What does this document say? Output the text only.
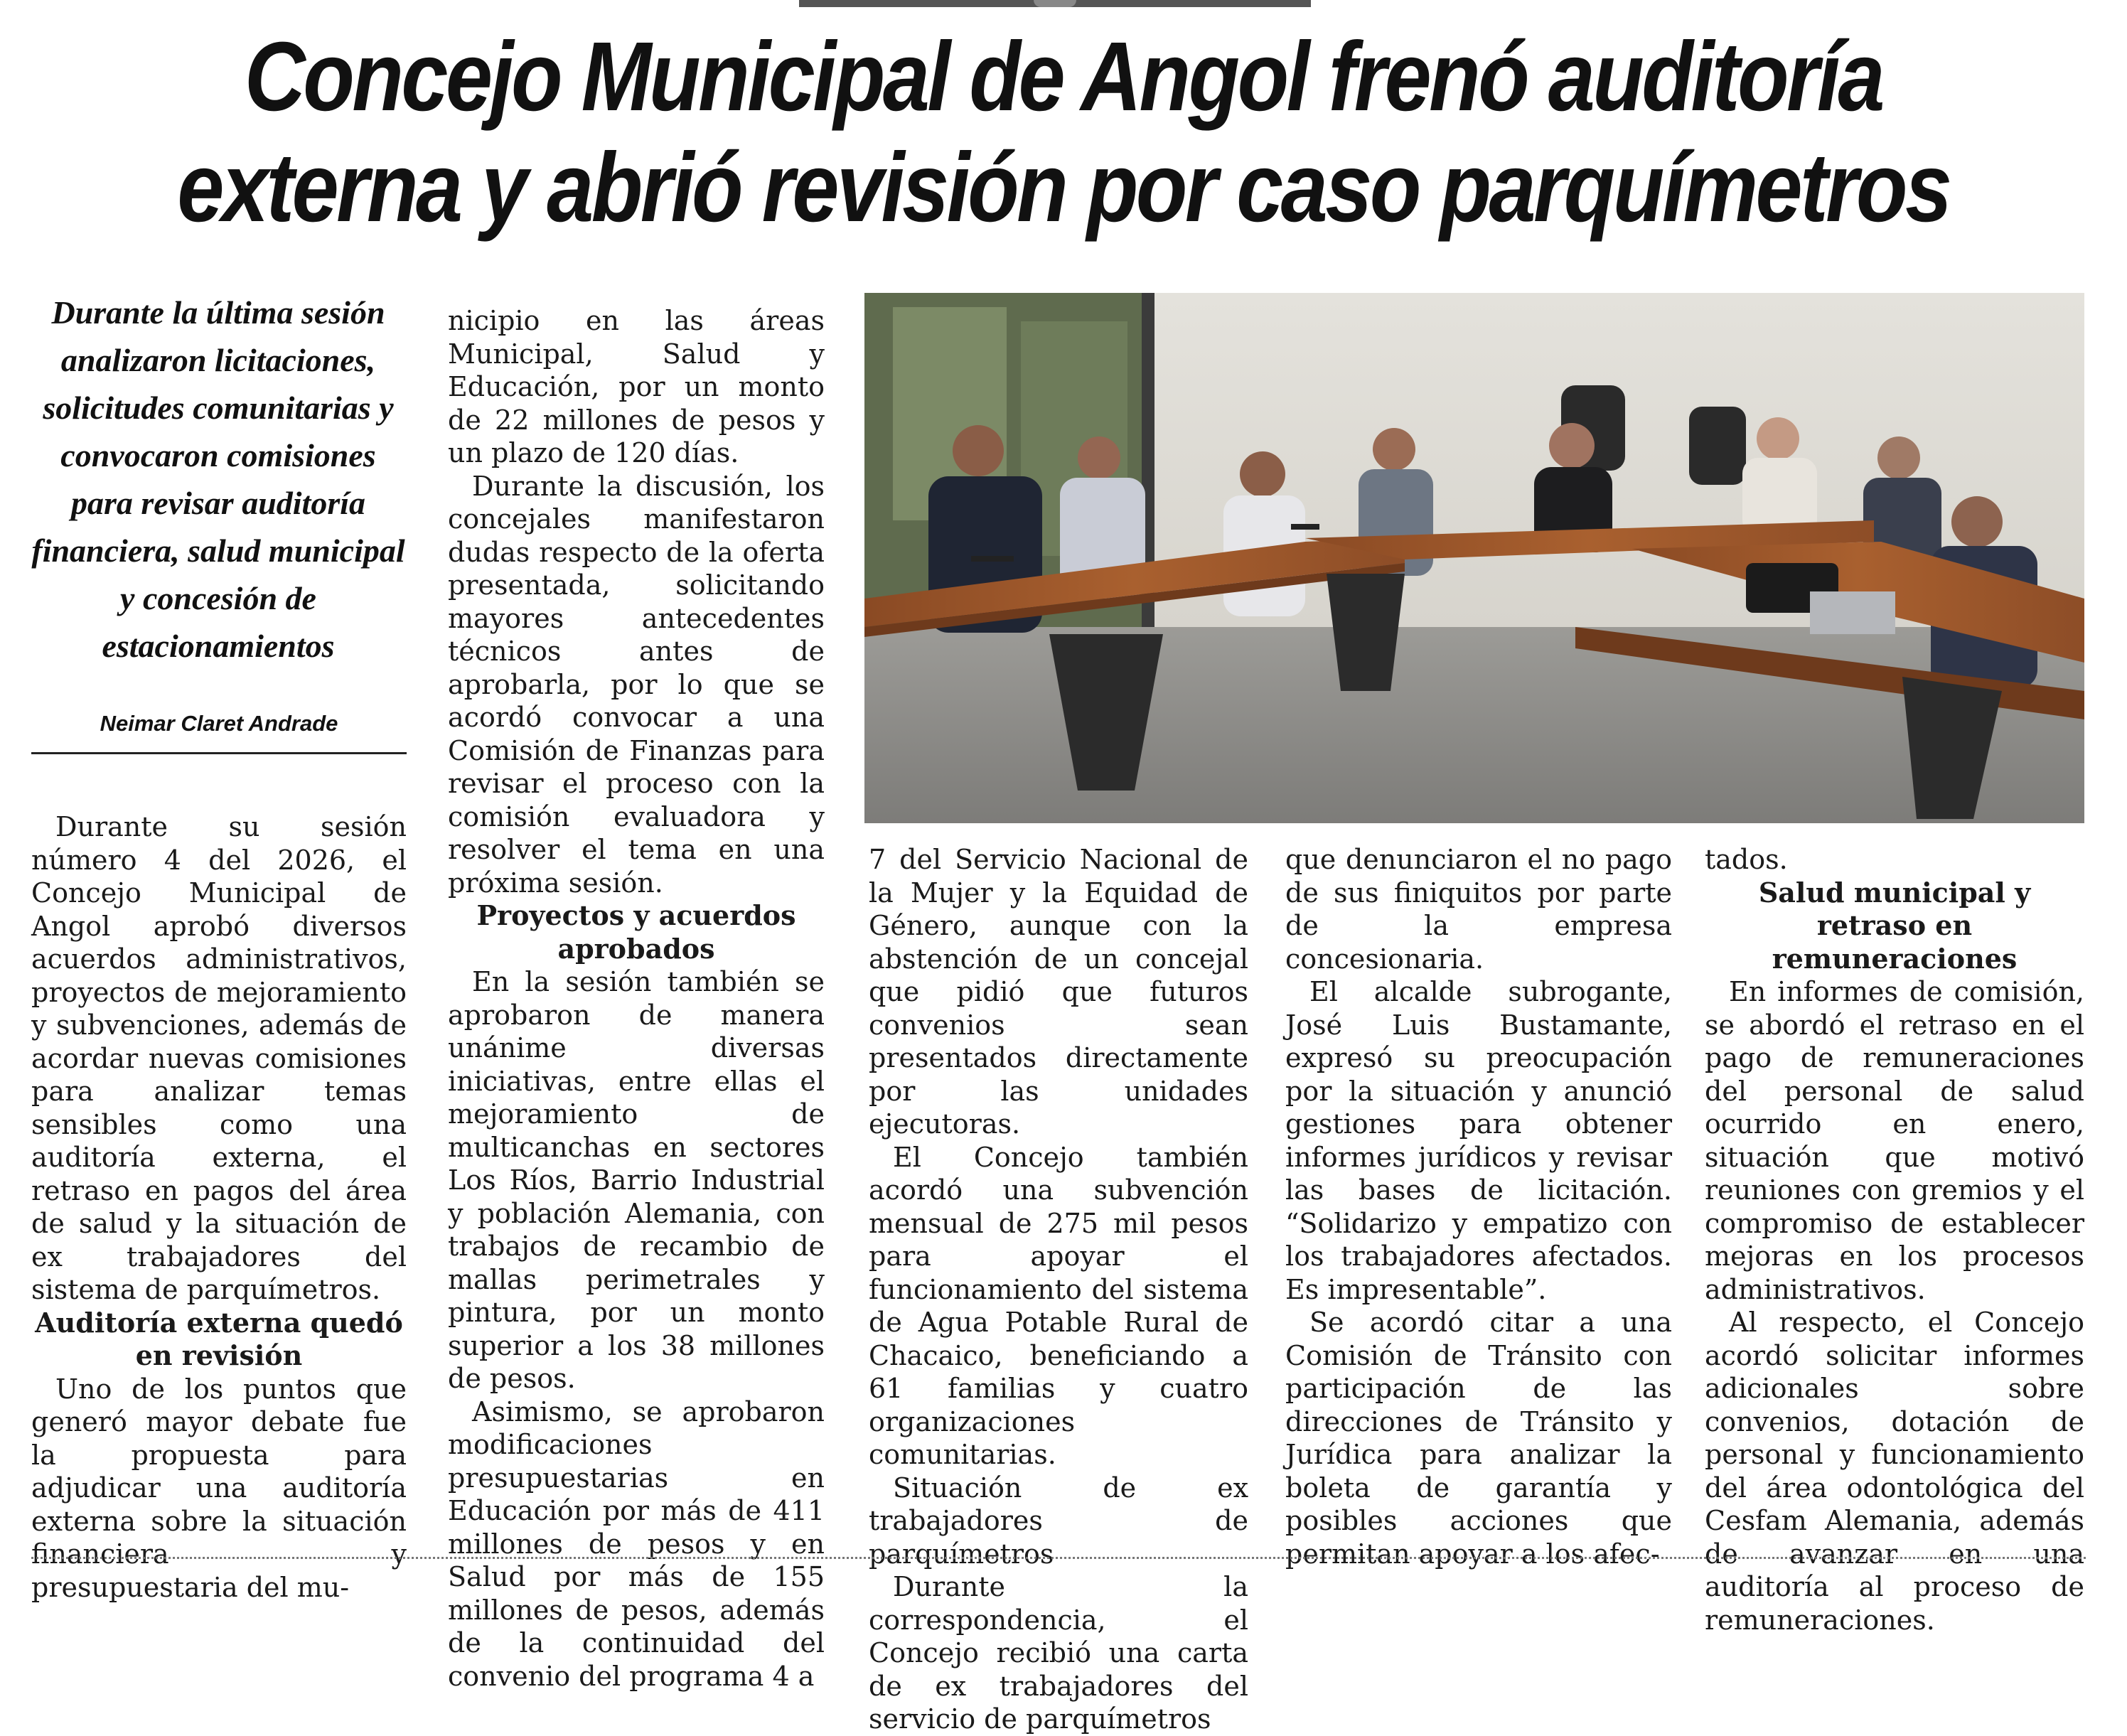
Concejo Municipal de Angol frenó auditoría
externa y abrió revisión por caso parquímetros

Durante la última sesión analizaron licitaciones, solicitudes comunitarias y convocaron comisiones para revisar auditoría financiera, salud municipal y concesión de estacionamientos

Neimar Claret Andrade

Durante su sesión número 4 del 2026, el Concejo Municipal de Angol aprobó diversos acuerdos administrativos, proyectos de mejoramiento y subvenciones, además de acordar nuevas comisiones para analizar temas sensibles como una auditoría externa, el retraso en pagos del área de salud y la situación de ex trabajadores del sistema de parquímetros.

Auditoría externa quedó en revisión

Uno de los puntos que generó mayor debate fue la propuesta para adjudicar una auditoría externa sobre la situación financiera y presupuestaria del mu-

nicipio en las áreas Municipal, Salud y Educación, por un monto de 22 millones de pesos y un plazo de 120 días.

Durante la discusión, los concejales manifestaron dudas respecto de la oferta presentada, solicitando mayores antecedentes técnicos antes de aprobarla, por lo que se acordó convocar a una Comisión de Finanzas para revisar el proceso con la comisión evaluadora y resolver el tema en una próxima sesión.

Proyectos y acuerdos aprobados

En la sesión también se aprobaron de manera unánime diversas iniciativas, entre ellas el mejoramiento de multicanchas en sectores Los Ríos, Barrio Industrial y población Alemania, con trabajos de recambio de mallas perimetrales y pintura, por un monto superior a los 38 millones de pesos.

Asimismo, se aprobaron modificaciones presupuestarias en Educación por más de 411 millones de pesos y en Salud por más de 155 millones de pesos, además de la continuidad del convenio del programa 4 a

7 del Servicio Nacional de la Mujer y la Equidad de Género, aunque con la abstención de un concejal que pidió que futuros convenios sean presentados directamente por las unidades ejecutoras.

El Concejo también acordó una subvención mensual de 275 mil pesos para apoyar el funcionamiento del sistema de Agua Potable Rural de Chacaico, beneficiando a 61 familias y cuatro organizaciones comunitarias.

Situación de ex trabajadores de parquímetros

Durante la correspondencia, el Concejo recibió una carta de ex trabajadores del servicio de parquímetros

que denunciaron el no pago de sus finiquitos por parte de la empresa concesionaria.

El alcalde subrogante, José Luis Bustamante, expresó su preocupación por la situación y anunció gestiones para obtener informes jurídicos y revisar las bases de licitación. “Solidarizo y empatizo con los trabajadores afectados. Es impresentable”.

Se acordó citar a una Comisión de Tránsito con participación de las direcciones de Tránsito y Jurídica para analizar la boleta de garantía y posibles acciones que permitan apoyar a los afec-

tados.

Salud municipal y retraso en remuneraciones

En informes de comisión, se abordó el retraso en el pago de remuneraciones del personal de salud ocurrido en enero, situación que motivó reuniones con gremios y el compromiso de establecer mejoras en los procesos administrativos.

Al respecto, el Concejo acordó solicitar informes adicionales sobre convenios, dotación de personal y funcionamiento del área odontológica del Cesfam Alemania, además de avanzar en una auditoría al proceso de remuneraciones.
